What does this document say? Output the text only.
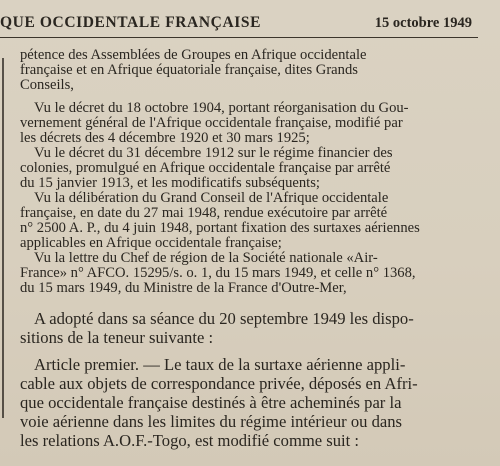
QUE OCCIDENTALE FRANÇAISE	15 octobre 1949
pétence des Assemblées de Groupes en Afrique occidentale
française et en Afrique équatoriale française, dites Grands
Conseils,
Vu le décret du 18 octobre 1904, portant réorganisation du Gou-
vernement général de l'Afrique occidentale française, modifié par
les décrets des 4 décembre 1920 et 30 mars 1925;
Vu le décret du 31 décembre 1912 sur le régime financier des
colonies, promulgué en Afrique occidentale française par arrêté
du 15 janvier 1913, et les modificatifs subséquents;
Vu la délibération du Grand Conseil de l'Afrique occidentale
française, en date du 27 mai 1948, rendue exécutoire par arrêté
n° 2500 A. P., du 4 juin 1948, portant fixation des surtaxes aériennes
applicables en Afrique occidentale française;
Vu la lettre du Chef de région de la Société nationale «Air-
France» n° AFCO. 15295/s. o. 1, du 15 mars 1949, et celle n° 1368,
du 15 mars 1949, du Ministre de la France d'Outre-Mer,
A adopté dans sa séance du 20 septembre 1949 les dispo-
sitions de la teneur suivante :
Article premier. — Le taux de la surtaxe aérienne appli-
cable aux objets de correspondance privée, déposés en Afri-
que occidentale française destinés à être acheminés par la
voie aérienne dans les limites du régime intérieur ou dans
les relations A.O.F.-Togo, est modifié comme suit :
